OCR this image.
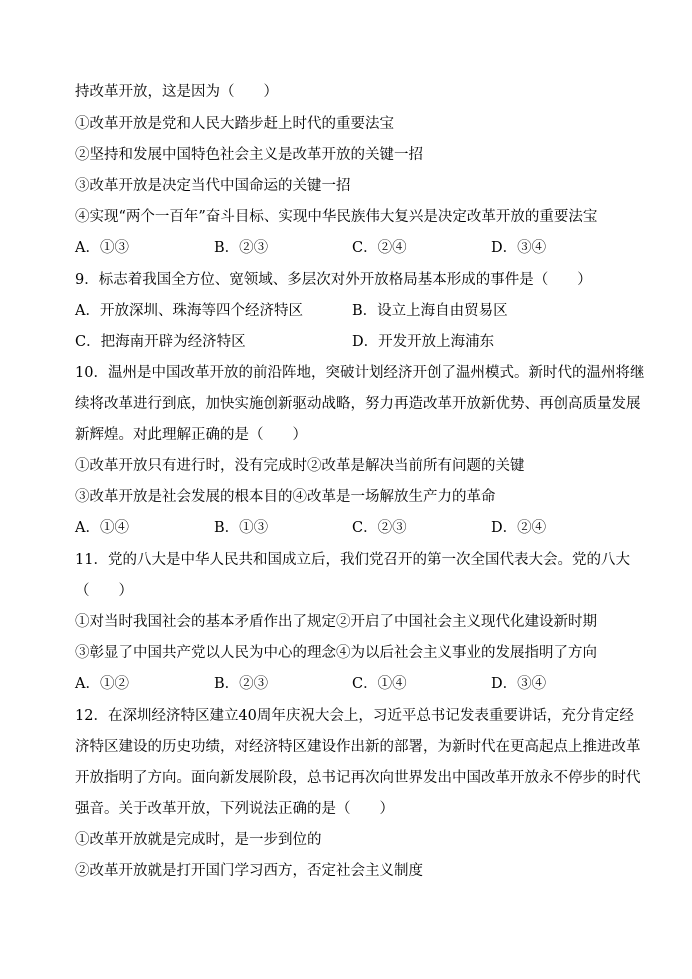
持改革开放，这是因为（　　）
①改革开放是党和人民大踏步赶上时代的重要法宝
②坚持和发展中国特色社会主义是改革开放的关键一招
③改革开放是决定当代中国命运的关键一招
④实现“两个一百年”奋斗目标、实现中华民族伟大复兴是决定改革开放的重要法宝
A．①③	B．②③	C．②④	D．③④
9．标志着我国全方位、宽领域、多层次对外开放格局基本形成的事件是（　　）
A．开放深圳、珠海等四个经济特区	B．设立上海自由贸易区
C．把海南开辟为经济特区	D．开发开放上海浦东
10．温州是中国改革开放的前沿阵地，突破计划经济开创了温州模式。新时代的温州将继
续将改革进行到底，加快实施创新驱动战略，努力再造改革开放新优势、再创高质量发展
新辉煌。对此理解正确的是（　　）
①改革开放只有进行时，没有完成时②改革是解决当前所有问题的关键
③改革开放是社会发展的根本目的④改革是一场解放生产力的革命
A．①④	B．①③	C．②③	D．②④
11．党的八大是中华人民共和国成立后，我们党召开的第一次全国代表大会。党的八大
（　　）
①对当时我国社会的基本矛盾作出了规定②开启了中国社会主义现代化建设新时期
③彰显了中国共产党以人民为中心的理念④为以后社会主义事业的发展指明了方向
A．①②	B．②③	C．①④	D．③④
12．在深圳经济特区建立40周年庆祝大会上，习近平总书记发表重要讲话，充分肯定经
济特区建设的历史功绩，对经济特区建设作出新的部署，为新时代在更高起点上推进改革
开放指明了方向。面向新发展阶段，总书记再次向世界发出中国改革开放永不停步的时代
强音。关于改革开放，下列说法正确的是（　　）
①改革开放就是完成时，是一步到位的
②改革开放就是打开国门学习西方，否定社会主义制度
